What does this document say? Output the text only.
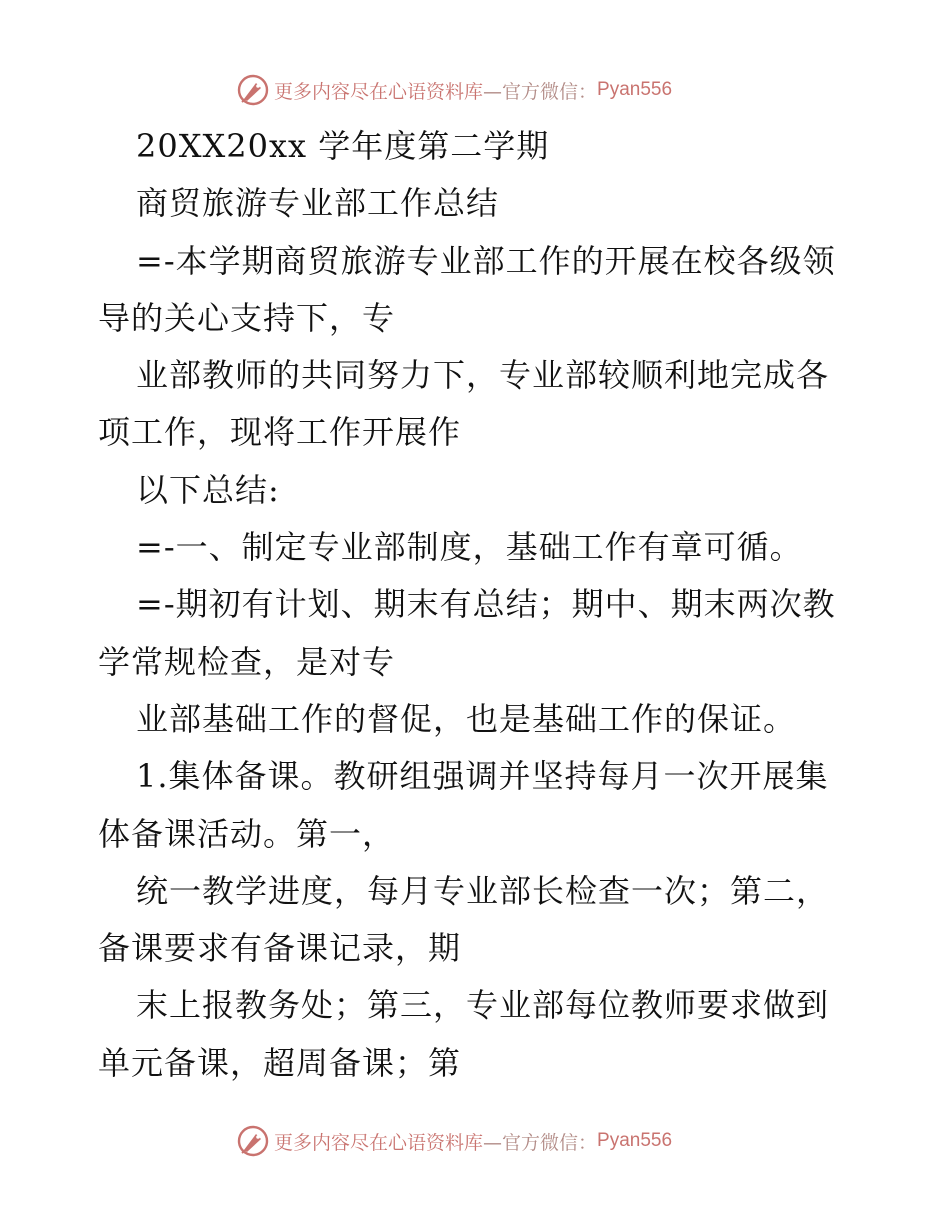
更多内容尽在心语资料库 —官方微信： Pyan556
20XX20xx 学年度第二学期
商贸旅游专业部工作总结
=-本学期商贸旅游专业部工作的开展在校各级领
导的关心支持下，专
业部教师的共同努力下，专业部较顺利地完成各
项工作，现将工作开展作
以下总结:
=-一、制定专业部制度，基础工作有章可循。
=-期初有计划、期末有总结；期中、期末两次教
学常规检查，是对专
业部基础工作的督促，也是基础工作的保证。
1.集体备课。教研组强调并坚持每月一次开展集
体备课活动。第一，
统一教学进度，每月专业部长检查一次；第二，
备课要求有备课记录，期
末上报教务处；第三，专业部每位教师要求做到
单元备课，超周备课；第
更多内容尽在心语资料库 —官方微信： Pyan556
